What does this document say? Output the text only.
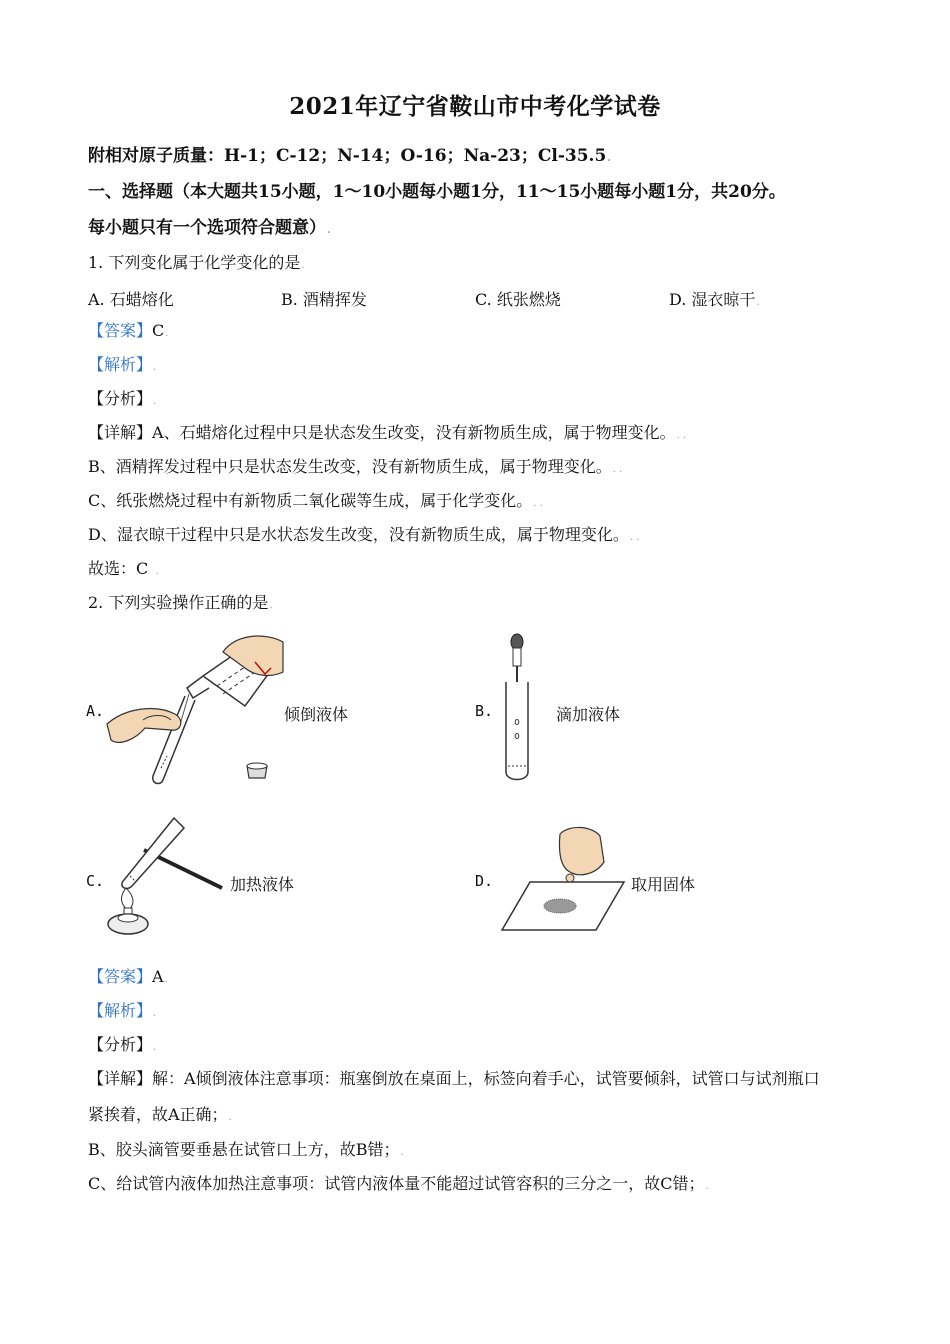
2021年辽宁省鞍山市中考化学试卷
附相对原子质量：H-1；C-12；N-14；O-16；Na-23；Cl-35.5.
一、选择题（本大题共15小题，1～10小题每小题1分，11～15小题每小题1分，共20分。
每小题只有一个选项符合题意）.
1. 下列变化属于化学变化的是.
A. 石蜡熔化	B. 酒精挥发	C. 纸张燃烧	D. 湿衣晾干.
【答案】C.
【解析】.
【分析】.
【详解】A、石蜡熔化过程中只是状态发生改变，没有新物质生成，属于物理变化。. .
B、酒精挥发过程中只是状态发生改变，没有新物质生成，属于物理变化。. .
C、纸张燃烧过程中有新物质二氧化碳等生成，属于化学变化。. .
D、湿衣晾干过程中只是水状态发生改变，没有新物质生成，属于物理变化。. .
故选：C  .
2. 下列实验操作正确的是.
A.	倾倒液体	B.	滴加液体
C.	加热液体	D.	取用固体
【答案】A.
【解析】.
【分析】.
【详解】解：A倾倒液体注意事项：瓶塞倒放在桌面上，标签向着手心，试管要倾斜，试管口与试剂瓶口
紧挨着，故A正确；.
B、胶头滴管要垂悬在试管口上方，故B错；.
C、给试管内液体加热注意事项：试管内液体量不能超过试管容积的三分之一，故C错；.
